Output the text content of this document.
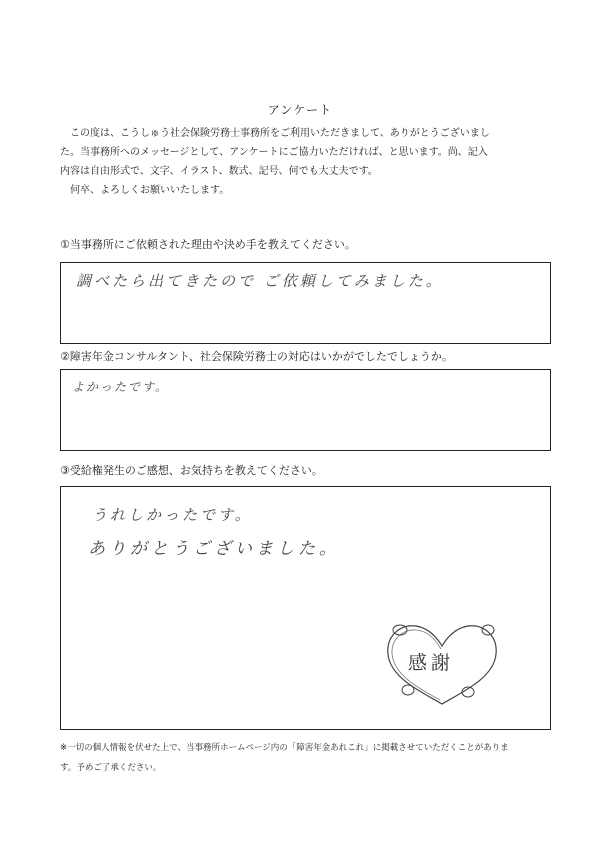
アンケート

この度は、こうしゅう社会保険労務士事務所をご利用いただきまして、ありがとうございまし

た。当事務所へのメッセージとして、アンケートにご協力いただければ、と思います。尚、記入

内容は自由形式で、文字、イラスト、数式、記号、何でも大丈夫です。

何卒、よろしくお願いいたします。

①当事務所にご依頼された理由や決め手を教えてください。
調べたら出てきたので ご依頼してみました。
②障害年金コンサルタント、社会保険労務士の対応はいかがでしたでしょうか。
よかったです。
③受給権発生のご感想、お気持ちを教えてください。
うれしかったです。
ありがとうございました。
感謝
※一切の個人情報を伏せた上で、当事務所ホームページ内の「障害年金あれこれ」に掲載させていただくことがありま
す。予めご了承ください。
